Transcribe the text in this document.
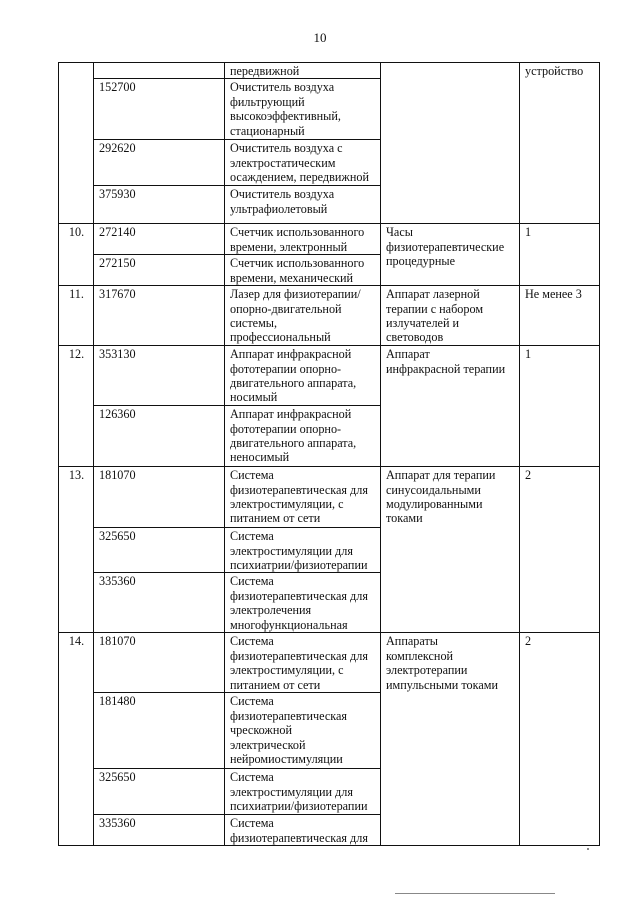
10

		передвижной		устройство

	152700	Очиститель воздуха
фильтрующий
высокоэффективный,
стационарный		

	292620	Очиститель воздуха с
электростатическим
осаждением, передвижной		

	375930	Очиститель воздуха
ультрафиолетовый		

10.	272140	Счетчик использованного
времени, электронный	Часы
физиотерапевтические
процедурные	1

	272150	Счетчик использованного
времени, механический		

11.	317670	Лазер для физиотерапии/
опорно-двигательной
системы,
профессиональный	Аппарат лазерной
терапии с набором
излучателей и
световодов	Не менее 3

12.	353130	Аппарат инфракрасной
фототерапии опорно-
двигательного аппарата,
носимый	Аппарат
инфракрасной терапии	1

	126360	Аппарат инфракрасной
фототерапии опорно-
двигательного аппарата,
неносимый		

13.	181070	Система
физиотерапевтическая для
электростимуляции, с
питанием от сети	Аппарат для терапии
синусоидальными
модулированными
токами	2

	325650	Система
электростимуляции для
психиатрии/физиотерапии		

	335360	Система
физиотерапевтическая для
электролечения
многофункциональная		

14.	181070	Система
физиотерапевтическая для
электростимуляции, с
питанием от сети	Аппараты
комплексной
электротерапии
импульсными токами	2

	181480	Система
физиотерапевтическая
чрескожной
электрической
нейромиостимуляции		

	325650	Система
электростимуляции для
психиатрии/физиотерапии		

	335360	Система
физиотерапевтическая для		
